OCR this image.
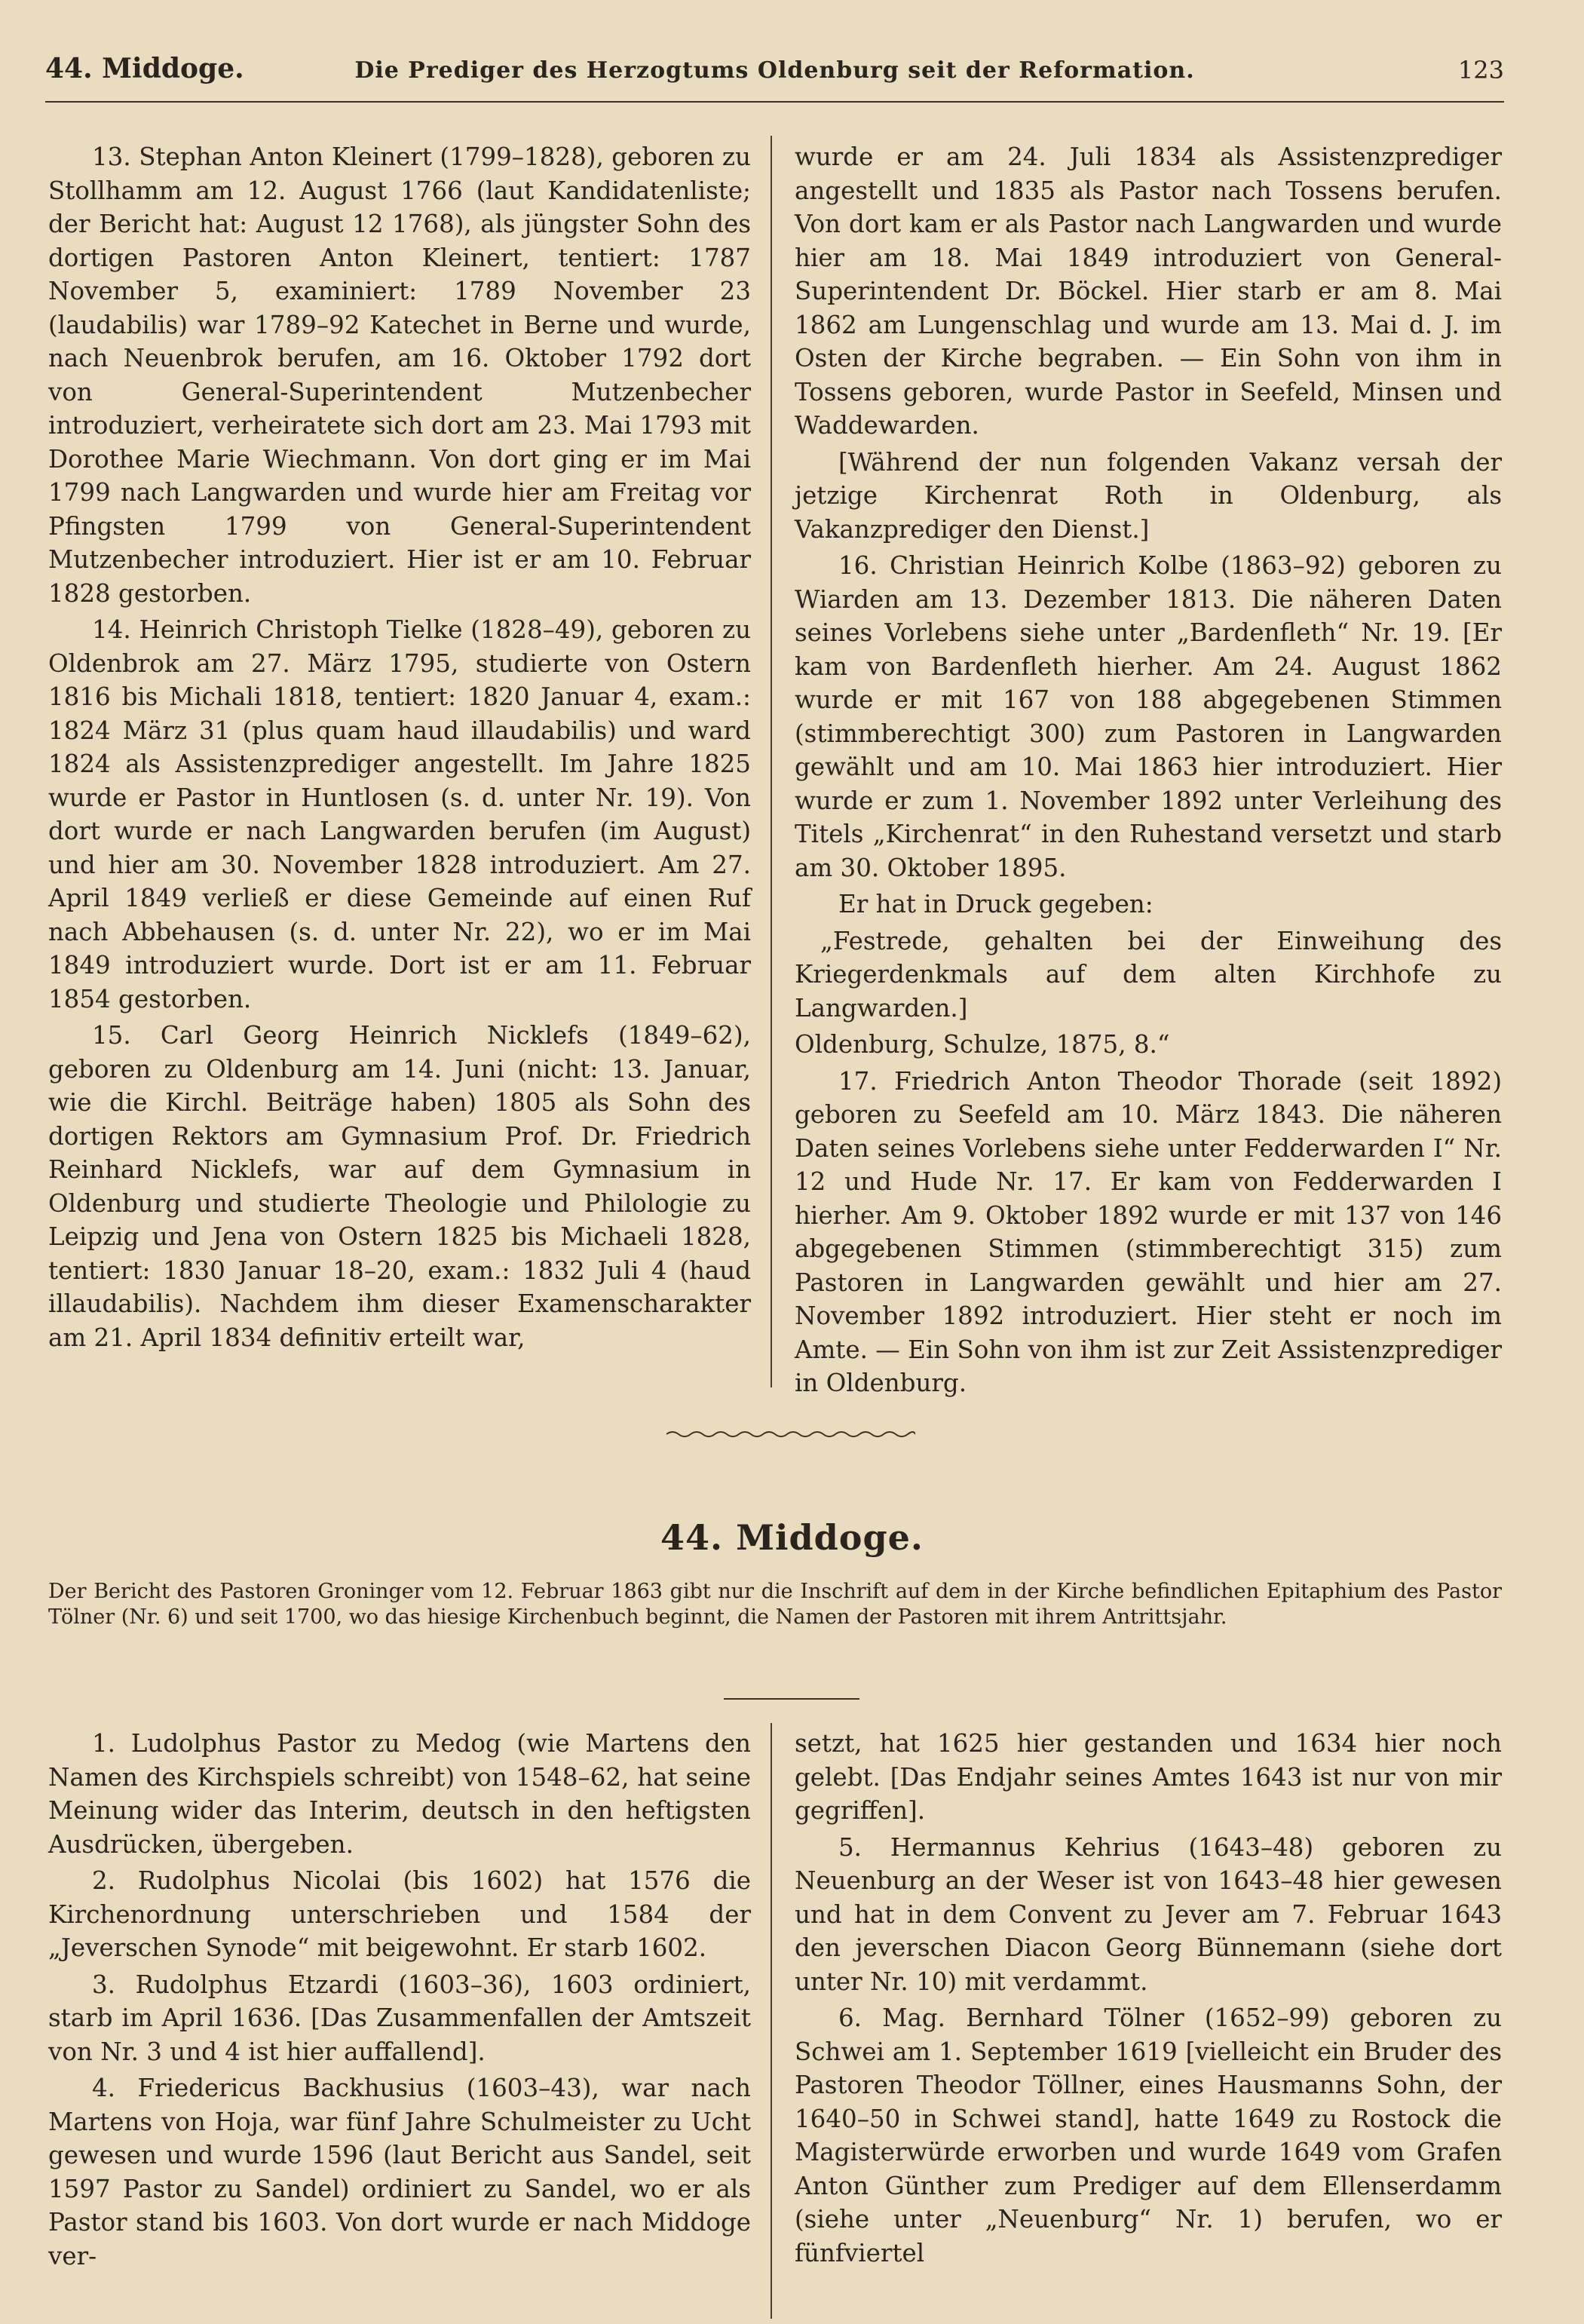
44. Middoge.	Die Prediger des Herzogtums Oldenburg seit der Reformation.	123

13. Stephan Anton Kleinert (1799–1828), geboren zu Stollhamm am 12. August 1766 (laut Kandidatenliste; der Bericht hat: August 12 1768), als jüngster Sohn des dortigen Pastoren Anton Kleinert, tentiert: 1787 November 5, examiniert: 1789 November 23 (laudabilis) war 1789–92 Katechet in Berne und wurde, nach Neuenbrok berufen, am 16. Oktober 1792 dort von General-Superintendent Mutzenbecher introduziert, verheiratete sich dort am 23. Mai 1793 mit Dorothee Marie Wiechmann. Von dort ging er im Mai 1799 nach Langwarden und wurde hier am Freitag vor Pfingsten 1799 von General-Superintendent Mutzenbecher introduziert. Hier ist er am 10. Februar 1828 gestorben.

14. Heinrich Christoph Tielke (1828–49), geboren zu Oldenbrok am 27. März 1795, studierte von Ostern 1816 bis Michali 1818, tentiert: 1820 Januar 4, exam.: 1824 März 31 (plus quam haud illaudabilis) und ward 1824 als Assistenzprediger angestellt. Im Jahre 1825 wurde er Pastor in Huntlosen (s. d. unter Nr. 19). Von dort wurde er nach Langwarden berufen (im August) und hier am 30. November 1828 introduziert. Am 27. April 1849 verließ er diese Gemeinde auf einen Ruf nach Abbehausen (s. d. unter Nr. 22), wo er im Mai 1849 introduziert wurde. Dort ist er am 11. Februar 1854 gestorben.

15. Carl Georg Heinrich Nicklefs (1849–62), geboren zu Oldenburg am 14. Juni (nicht: 13. Januar, wie die Kirchl. Beiträge haben) 1805 als Sohn des dortigen Rektors am Gymnasium Prof. Dr. Friedrich Reinhard Nicklefs, war auf dem Gymnasium in Oldenburg und studierte Theologie und Philologie zu Leipzig und Jena von Ostern 1825 bis Michaeli 1828, tentiert: 1830 Januar 18–20, exam.: 1832 Juli 4 (haud illaudabilis). Nachdem ihm dieser Examenscharakter am 21. April 1834 definitiv erteilt war,

wurde er am 24. Juli 1834 als Assistenzprediger angestellt und 1835 als Pastor nach Tossens berufen. Von dort kam er als Pastor nach Langwarden und wurde hier am 18. Mai 1849 introduziert von General-Superintendent Dr. Böckel. Hier starb er am 8. Mai 1862 am Lungenschlag und wurde am 13. Mai d. J. im Osten der Kirche begraben. — Ein Sohn von ihm in Tossens geboren, wurde Pastor in Seefeld, Minsen und Waddewarden.

[Während der nun folgenden Vakanz versah der jetzige Kirchenrat Roth in Oldenburg, als Vakanzprediger den Dienst.]

16. Christian Heinrich Kolbe (1863–92) geboren zu Wiarden am 13. Dezember 1813. Die näheren Daten seines Vorlebens siehe unter „Bardenfleth“ Nr. 19. [Er kam von Bardenfleth hierher. Am 24. August 1862 wurde er mit 167 von 188 abgegebenen Stimmen (stimmberechtigt 300) zum Pastoren in Langwarden gewählt und am 10. Mai 1863 hier introduziert. Hier wurde er zum 1. November 1892 unter Verleihung des Titels „Kirchenrat“ in den Ruhestand versetzt und starb am 30. Oktober 1895.

Er hat in Druck gegeben:

„Festrede, gehalten bei der Einweihung des Kriegerdenkmals auf dem alten Kirchhofe zu Langwarden.]

Oldenburg, Schulze, 1875, 8.“

17. Friedrich Anton Theodor Thorade (seit 1892) geboren zu Seefeld am 10. März 1843. Die näheren Daten seines Vorlebens siehe unter Fedderwarden I“ Nr. 12 und Hude Nr. 17. Er kam von Fedderwarden I hierher. Am 9. Oktober 1892 wurde er mit 137 von 146 abgegebenen Stimmen (stimmberechtigt 315) zum Pastoren in Langwarden gewählt und hier am 27. November 1892 introduziert. Hier steht er noch im Amte. — Ein Sohn von ihm ist zur Zeit Assistenzprediger in Oldenburg.

44. Middoge.
Der Bericht des Pastoren Groninger vom 12. Februar 1863 gibt nur die Inschrift auf dem in der Kirche befindlichen Epitaphium des Pastor Tölner (Nr. 6) und seit 1700, wo das hiesige Kirchenbuch beginnt, die Namen der Pastoren mit ihrem Antrittsjahr.

1. Ludolphus Pastor zu Medog (wie Martens den Namen des Kirchspiels schreibt) von 1548–62, hat seine Meinung wider das Interim, deutsch in den heftigsten Ausdrücken, übergeben.

2. Rudolphus Nicolai (bis 1602) hat 1576 die Kirchenordnung unterschrieben und 1584 der „Jeverschen Synode“ mit beigewohnt. Er starb 1602.

3. Rudolphus Etzardi (1603–36), 1603 ordiniert, starb im April 1636. [Das Zusammenfallen der Amtszeit von Nr. 3 und 4 ist hier auffallend].

4. Friedericus Backhusius (1603–43), war nach Martens von Hoja, war fünf Jahre Schulmeister zu Ucht gewesen und wurde 1596 (laut Bericht aus Sandel, seit 1597 Pastor zu Sandel) ordiniert zu Sandel, wo er als Pastor stand bis 1603. Von dort wurde er nach Middoge ver-

setzt, hat 1625 hier gestanden und 1634 hier noch gelebt. [Das Endjahr seines Amtes 1643 ist nur von mir gegriffen].

5. Hermannus Kehrius (1643–48) geboren zu Neuenburg an der Weser ist von 1643–48 hier gewesen und hat in dem Convent zu Jever am 7. Februar 1643 den jeverschen Diacon Georg Bünnemann (siehe dort unter Nr. 10) mit verdammt.

6. Mag. Bernhard Tölner (1652–99) geboren zu Schwei am 1. September 1619 [vielleicht ein Bruder des Pastoren Theodor Töllner, eines Hausmanns Sohn, der 1640–50 in Schwei stand], hatte 1649 zu Rostock die Magisterwürde erworben und wurde 1649 vom Grafen Anton Günther zum Prediger auf dem Ellenserdamm (siehe unter „Neuenburg“ Nr. 1) berufen, wo er fünfviertel
